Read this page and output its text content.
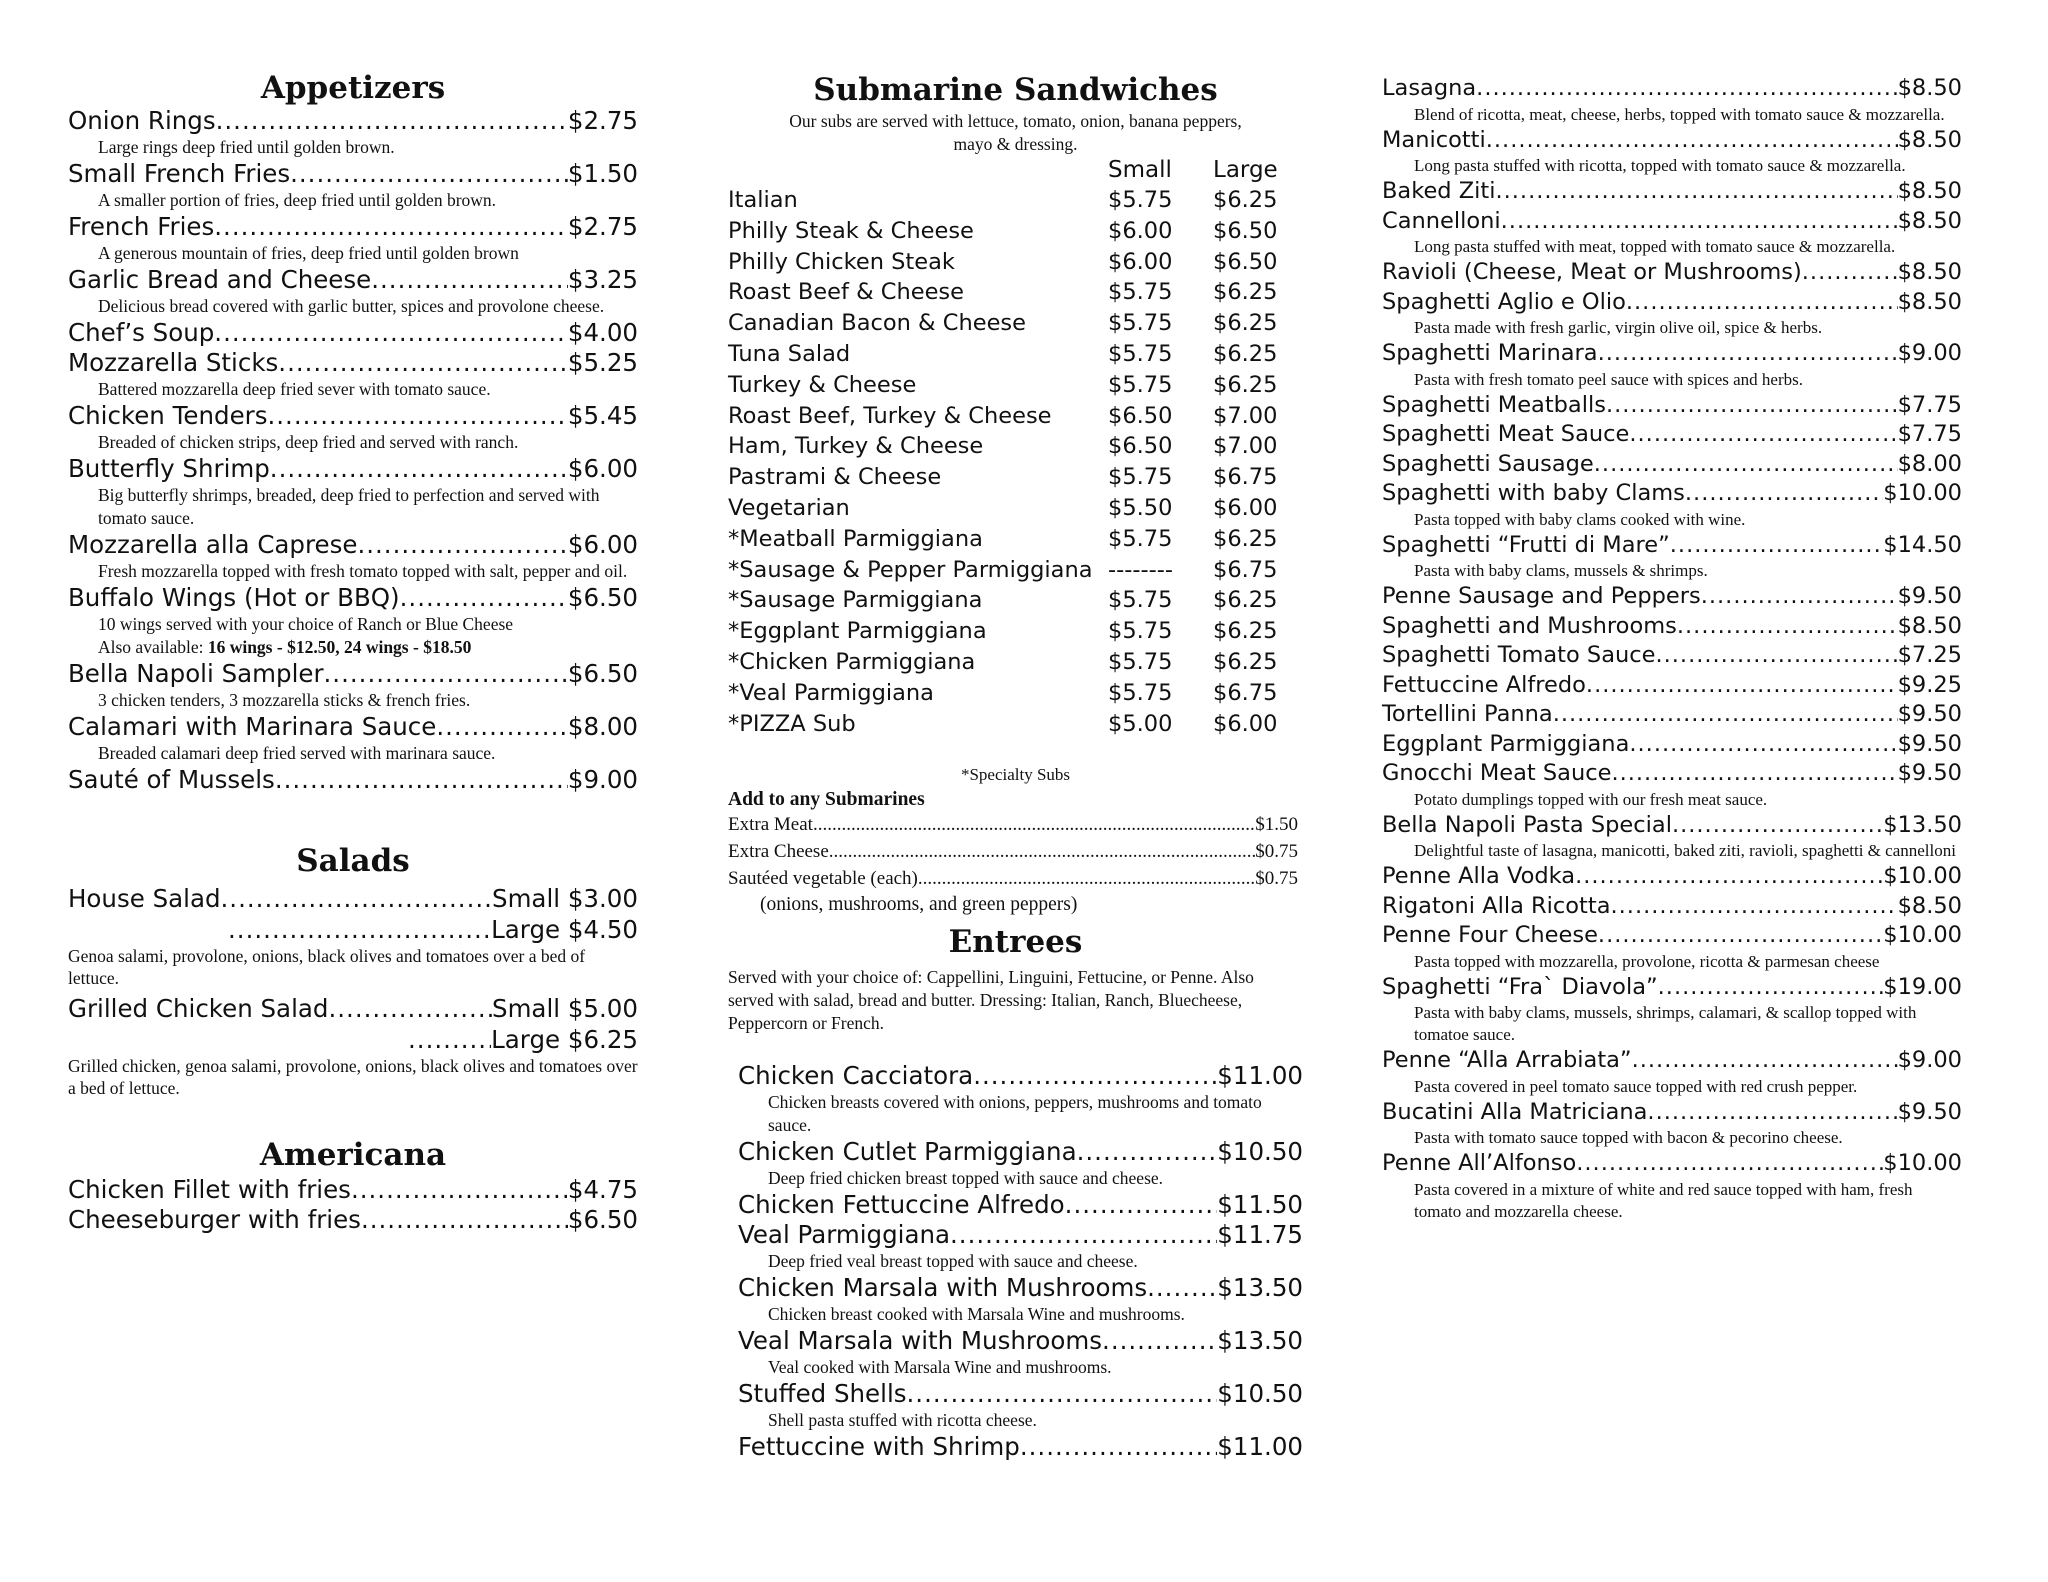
Appetizers
Onion Rings .....	$2.75
Large rings deep fried until golden brown.
Small French Fries .....	$1.50
A smaller portion of fries, deep fried until golden brown.
French Fries .....	$2.75
A generous mountain of fries, deep fried until golden brown
Garlic Bread and Cheese .....	$3.25
Delicious bread covered with garlic butter, spices and provolone cheese.
Chef’s Soup .....	$4.00
Mozzarella Sticks .....	$5.25
Battered mozzarella deep fried sever with tomato sauce.
Chicken Tenders .....	$5.45
Breaded of chicken strips, deep fried and served with ranch.
Butterfly Shrimp .....	$6.00
Big butterfly shrimps, breaded, deep fried to perfection and served with tomato sauce.
Mozzarella alla Caprese .....	$6.00
Fresh mozzarella topped with fresh tomato topped with salt, pepper and oil.
Buffalo Wings (Hot or BBQ) .....	$6.50
10 wings served with your choice of Ranch or Blue Cheese
Also available: 16 wings - $12.50, 24 wings - $18.50
Bella Napoli Sampler .....	$6.50
3 chicken tenders, 3 mozzarella sticks & french fries.
Calamari with Marinara Sauce .....	$8.00
Breaded calamari deep fried served with marinara sauce.
Sauté of Mussels .....	$9.00
Salads
House Salad .....	Small $3.00
.....
Large $4.50
Genoa salami, provolone, onions, black olives and tomatoes over a bed of lettuce.
Grilled Chicken Salad .....	Small $5.00
.....
Large $6.25
Grilled chicken, genoa salami, provolone, onions, black olives and tomatoes over a bed of lettuce.
Americana
Chicken Fillet with fries .....	$4.75
Cheeseburger with fries .....	$6.50
Submarine Sandwiches
Our subs are served with lettuce, tomato, onion, banana peppers, mayo & dressing.
Small	Large
Italian	$5.75	$6.25
Philly Steak & Cheese	$6.00	$6.50
Philly Chicken Steak	$6.00	$6.50
Roast Beef & Cheese	$5.75	$6.25
Canadian Bacon & Cheese	$5.75	$6.25
Tuna Salad	$5.75	$6.25
Turkey & Cheese	$5.75	$6.25
Roast Beef, Turkey & Cheese	$6.50	$7.00
Ham, Turkey & Cheese	$6.50	$7.00
Pastrami & Cheese	$5.75	$6.75
Vegetarian	$5.50	$6.00
*Meatball Parmiggiana	$5.75	$6.25
*Sausage & Pepper Parmiggiana --------	$6.75
*Sausage Parmiggiana	$5.75	$6.25
*Eggplant Parmiggiana	$5.75	$6.25
*Chicken Parmiggiana	$5.75	$6.25
*Veal Parmiggiana	$5.75	$6.75
*PIZZA Sub	$5.00	$6.00
*Specialty Subs
Add to any Submarines
Extra Meat .....	$1.50
Extra Cheese .....	$0.75
Sautéed vegetable (each) .....	$0.75
(onions, mushrooms, and green peppers)
Entrees
Served with your choice of: Cappellini, Linguini, Fettucine, or Penne. Also served with salad, bread and butter. Dressing: Italian, Ranch, Bluecheese, Peppercorn or French.
Chicken Cacciatora .....	$11.00
Chicken breasts covered with onions, peppers, mushrooms and tomato sauce.
Chicken Cutlet Parmiggiana .....	$10.50
Deep fried chicken breast topped with sauce and cheese.
Chicken Fettuccine Alfredo .....	$11.50
Veal Parmiggiana .....	$11.75
Deep fried veal breast topped with sauce and cheese.
Chicken Marsala with Mushrooms .....	$13.50
Chicken breast cooked with Marsala Wine and mushrooms.
Veal Marsala with Mushrooms .....	$13.50
Veal cooked with Marsala Wine and mushrooms.
Stuffed Shells .....	$10.50
Shell pasta stuffed with ricotta cheese.
Fettuccine with Shrimp .....	$11.00
Lasagna .....	$8.50
Blend of ricotta, meat, cheese, herbs, topped with tomato sauce & mozzarella.
Manicotti .....	$8.50
Long pasta stuffed with ricotta, topped with tomato sauce & mozzarella.
Baked Ziti .....	$8.50
Cannelloni .....	$8.50
Long pasta stuffed with meat, topped with tomato sauce & mozzarella.
Ravioli (Cheese, Meat or Mushrooms) .....	$8.50
Spaghetti Aglio e Olio .....	$8.50
Pasta made with fresh garlic, virgin olive oil, spice & herbs.
Spaghetti Marinara .....	$9.00
Pasta with fresh tomato peel sauce with spices and herbs.
Spaghetti Meatballs .....	$7.75
Spaghetti Meat Sauce .....	$7.75
Spaghetti Sausage .....	$8.00
Spaghetti with baby Clams .....	$10.00
Pasta topped with baby clams cooked with wine.
Spaghetti “Frutti di Mare” .....	$14.50
Pasta with baby clams, mussels & shrimps.
Penne Sausage and Peppers .....	$9.50
Spaghetti and Mushrooms .....	$8.50
Spaghetti Tomato Sauce .....	$7.25
Fettuccine Alfredo .....	$9.25
Tortellini Panna .....	$9.50
Eggplant Parmiggiana .....	$9.50
Gnocchi Meat Sauce .....	$9.50
Potato dumplings topped with our fresh meat sauce.
Bella Napoli Pasta Special .....	$13.50
Delightful taste of lasagna, manicotti, baked ziti, ravioli, spaghetti & cannelloni
Penne Alla Vodka .....	$10.00
Rigatoni Alla Ricotta .....	$8.50
Penne Four Cheese .....	$10.00
Pasta topped with mozzarella, provolone, ricotta & parmesan cheese
Spaghetti “Fra` Diavola” .....	$19.00
Pasta with baby clams, mussels, shrimps, calamari, & scallop topped with tomatoe sauce.
Penne “Alla Arrabiata” .....	$9.00
Pasta covered in peel tomato sauce topped with red crush pepper.
Bucatini Alla Matriciana .....	$9.50
Pasta with tomato sauce topped with bacon & pecorino cheese.
Penne All’Alfonso .....	$10.00
Pasta covered in a mixture of white and red sauce topped with ham, fresh tomato and mozzarella cheese.
